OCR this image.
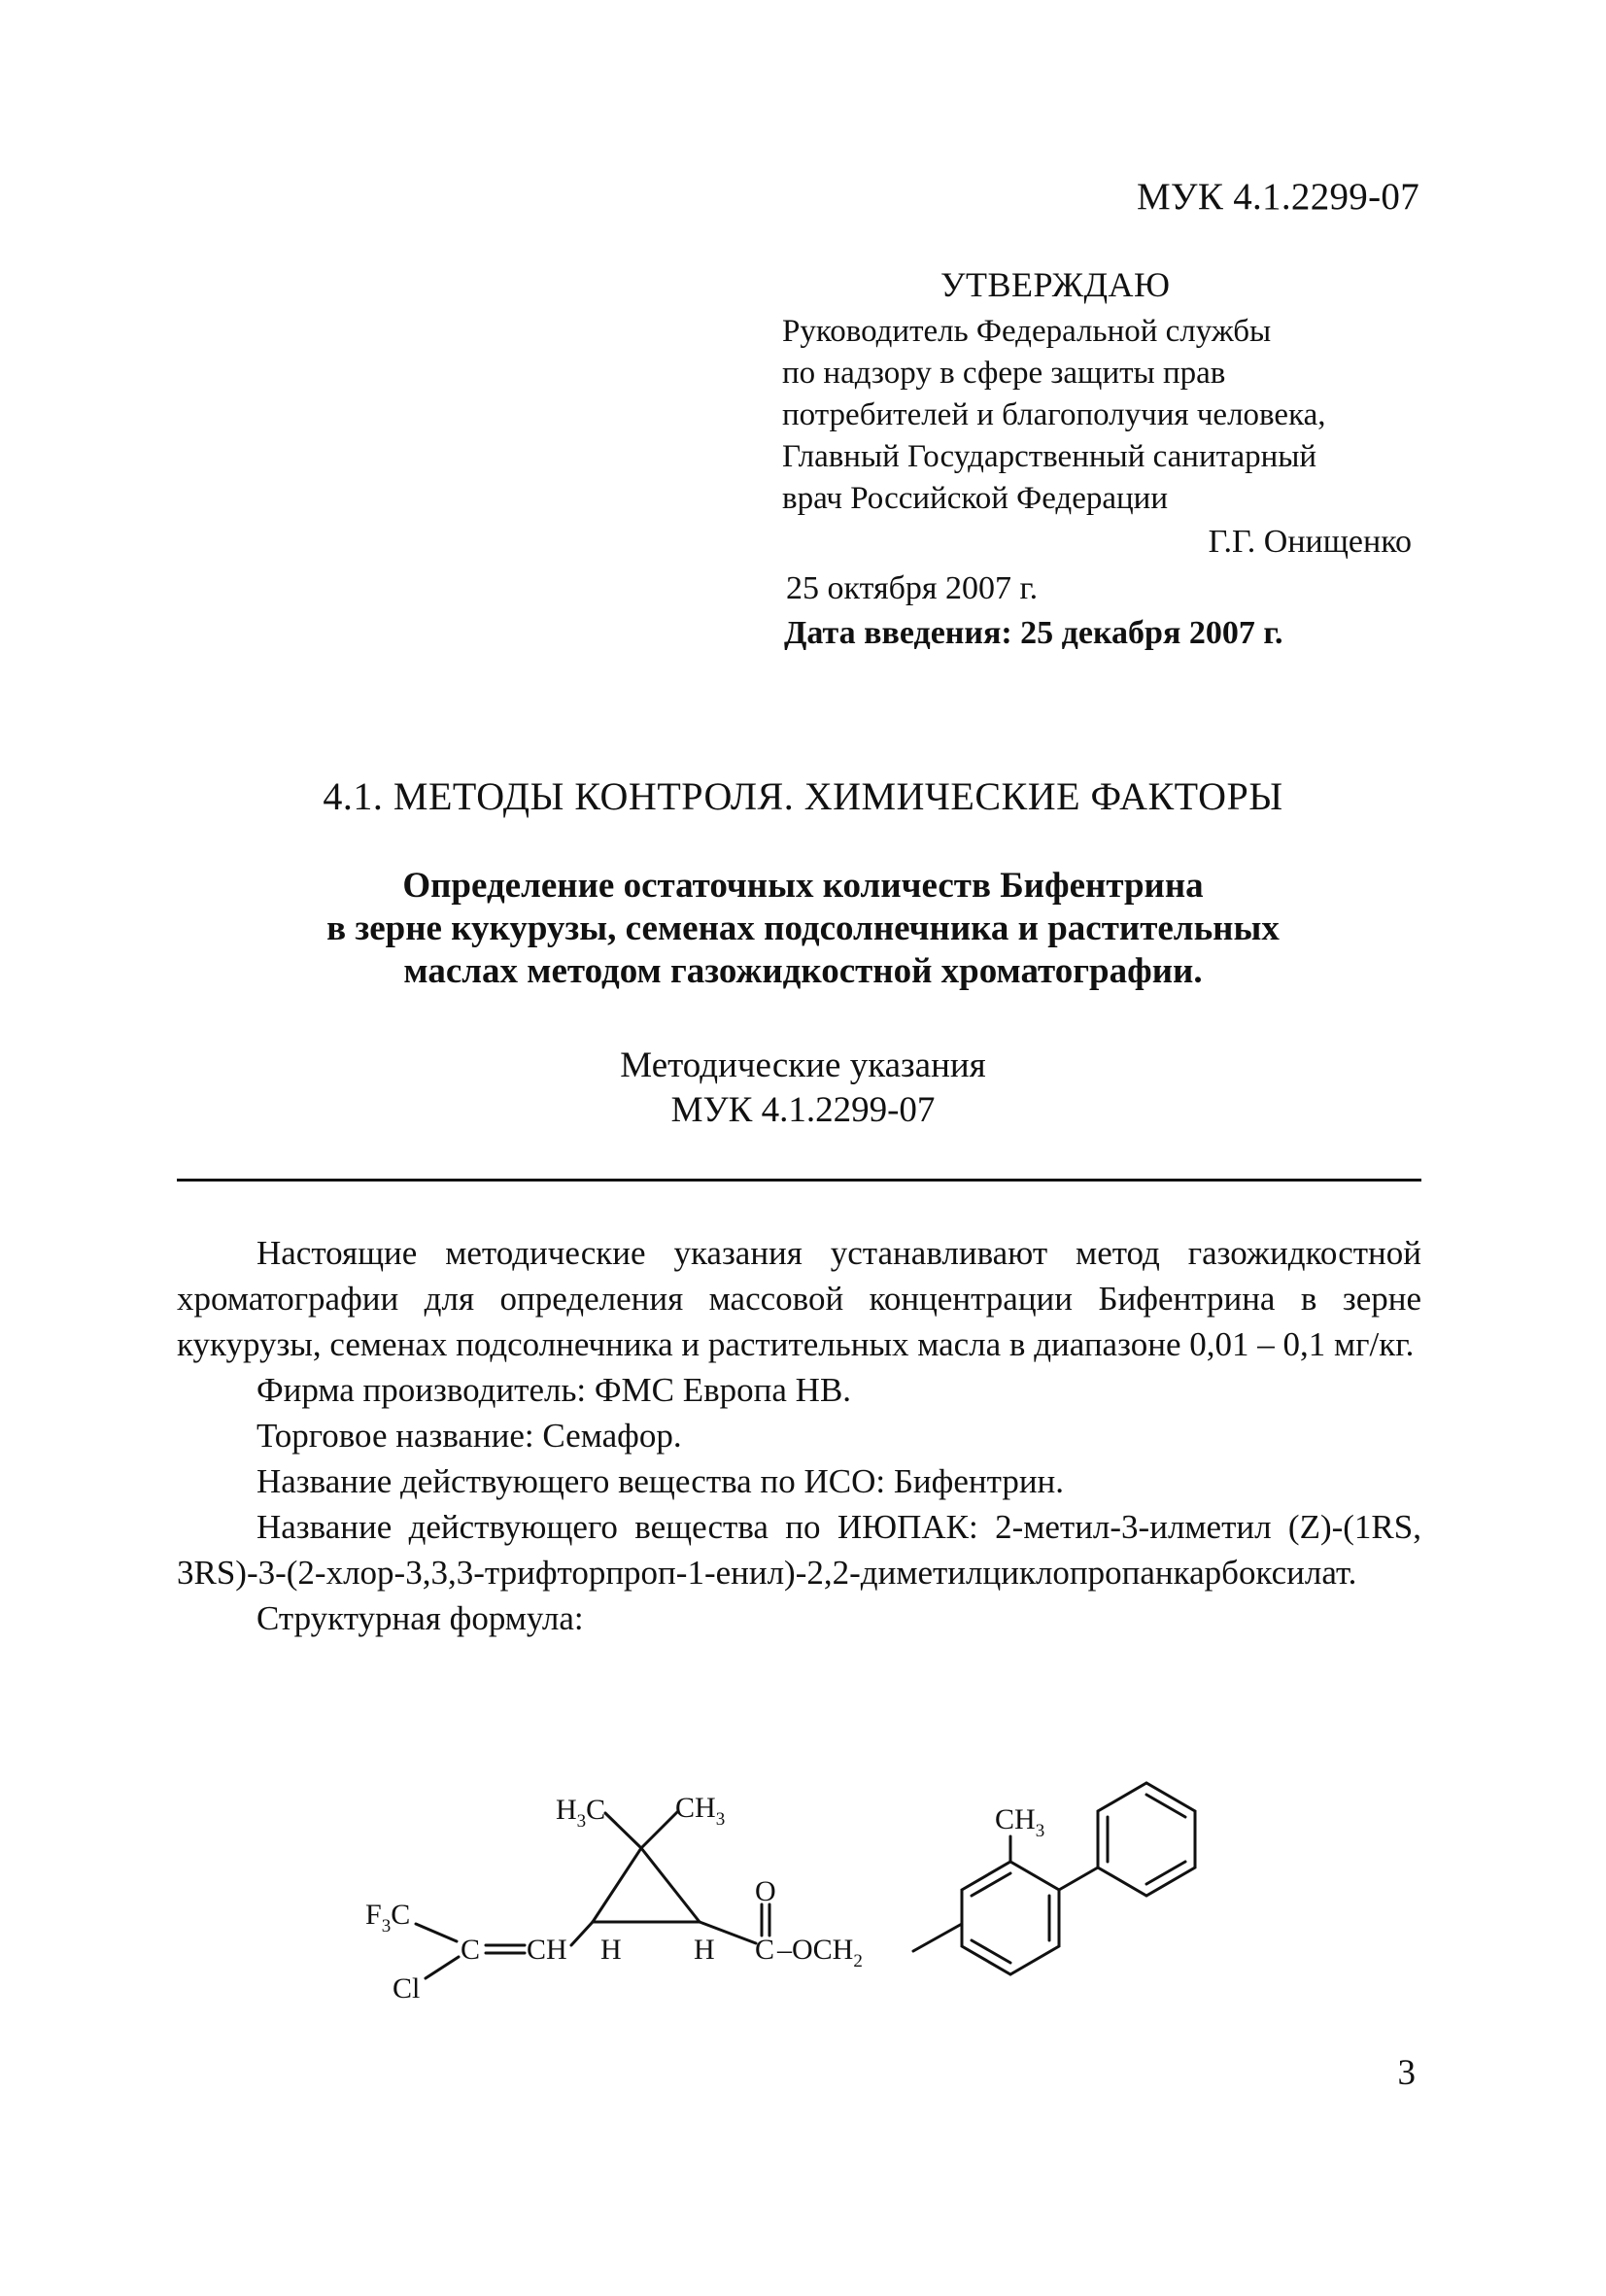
МУК 4.1.2299-07
УТВЕРЖДАЮ
Руководитель Федеральной службы
по надзору в сфере защиты прав
потребителей и благополучия человека,
Главный Государственный санитарный
врач Российской Федерации
Г.Г. Онищенко
25 октября 2007 г.
Дата введения: 25 декабря 2007 г.
4.1. МЕТОДЫ КОНТРОЛЯ. ХИМИЧЕСКИЕ ФАКТОРЫ
Определение остаточных количеств Бифентрина
в зерне кукурузы, семенах подсолнечника и растительных
маслах методом газожидкостной хроматографии.
Методические указания
МУК 4.1.2299-07

Настоящие методические указания устанавливают метод газожидкостной хроматографии для определения массовой концентрации Бифентрина в зерне кукурузы, семенах подсолнечника и растительных масла в диапазоне 0,01 – 0,1 мг/кг.

Фирма производитель: ФМС Европа НВ.

Торговое название: Семафор.

Название действующего вещества по ИСО: Бифентрин.

Название действующего вещества по ИЮПАК: 2-метил-3-илметил (Z)-(1RS, 3RS)-3-(2-хлор-3,3,3-трифторпроп-1-енил)-2,2-диметилциклопропанкарбоксилат.

Структурная формула:

$H_3C$ $CH_3$	$CH_3$
$F_3C$
C CH
Cl
H H
O
C $-OCH_2$
3
